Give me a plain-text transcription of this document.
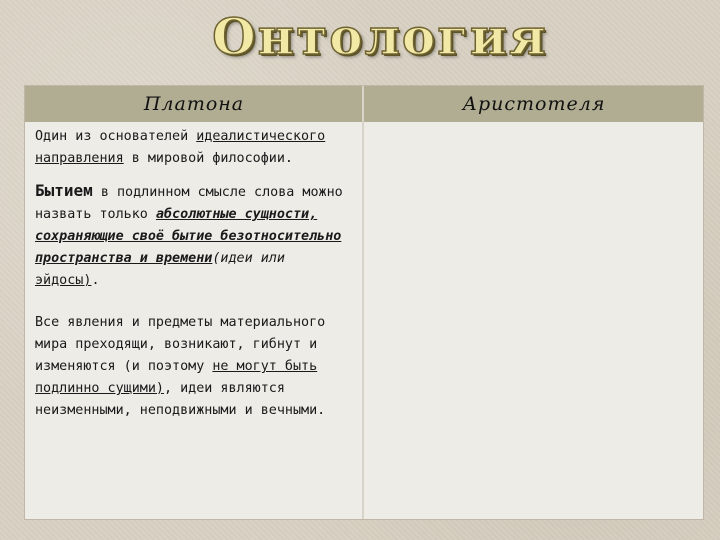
Онтология
Платона	Аристотеля

Один из основателей идеалистического направления в мировой философии.

Бытием в подлинном смысле слова можно назвать только абсолютные сущности, сохраняющие своё бытие безотносительно пространства и времени(идеи или эйдосы).

Все явления и предметы материального мира преходящи, возникают, гибнут и изменяются (и поэтому не могут быть подлинно сущими), идеи являются неизменными, неподвижными и вечными.
